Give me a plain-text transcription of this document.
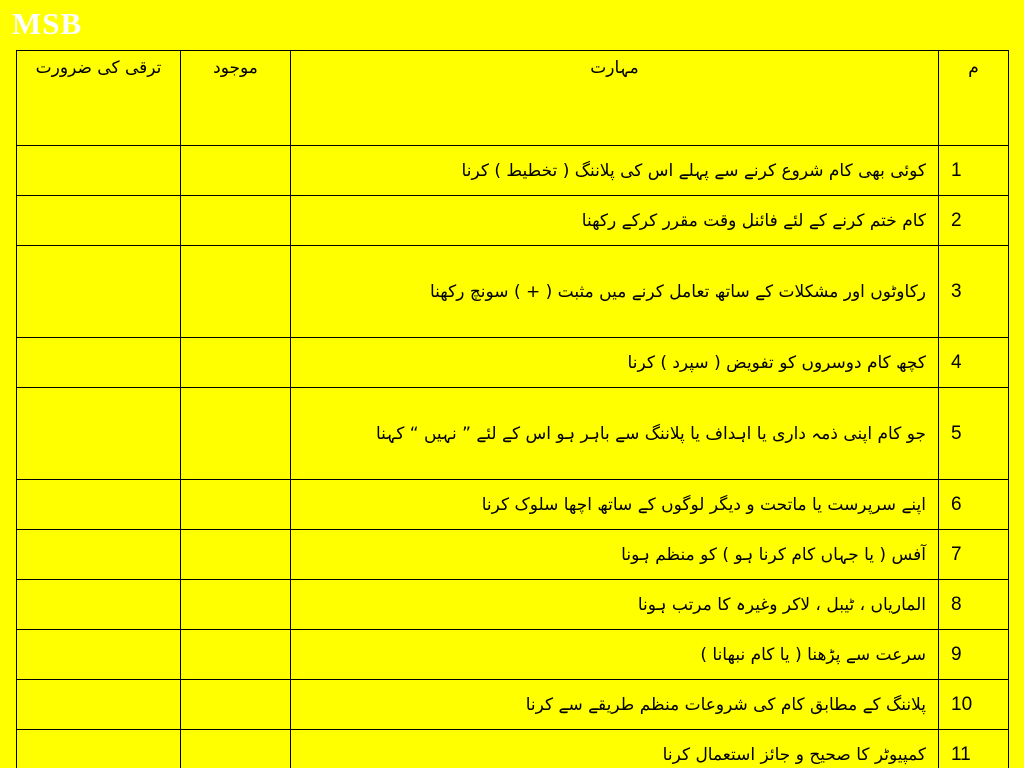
MSB
م	مہارت	موجود	ترقی کی ضرورت
1	کوئی بھی کام شروع کرنے سے پہلے اس کی پلاننگ ( تخطیط ) کرنا		
2	کام ختم کرنے کے لئے فائنل وقت مقرر کرکے رکھنا		
3	رکاوٹوں اور مشکلات کے ساتھ تعامل کرنے میں مثبت ( + ) سونچ رکھنا		
4	کچھ کام دوسروں کو تفویض ( سپرد ) کرنا		
5	جو کام اپنی ذمہ داری یا اہداف یا پلاننگ سے باہر ہو اس کے لئے ” نہیں “ کہنا		
6	اپنے سرپرست یا ماتحت و دیگر لوگوں کے ساتھ اچھا سلوک کرنا		
7	آفس ( یا جہاں کام کرنا ہو ) کو منظم ہونا		
8	الماریاں ، ٹیبل ، لاکر وغیرہ کا مرتب ہونا		
9	سرعت سے پڑھنا ( یا کام نبھانا )		
10	پلاننگ کے مطابق کام کی شروعات منظم طریقے سے کرنا		
11	کمپیوٹر کا صحیح و جائز استعمال کرنا		
